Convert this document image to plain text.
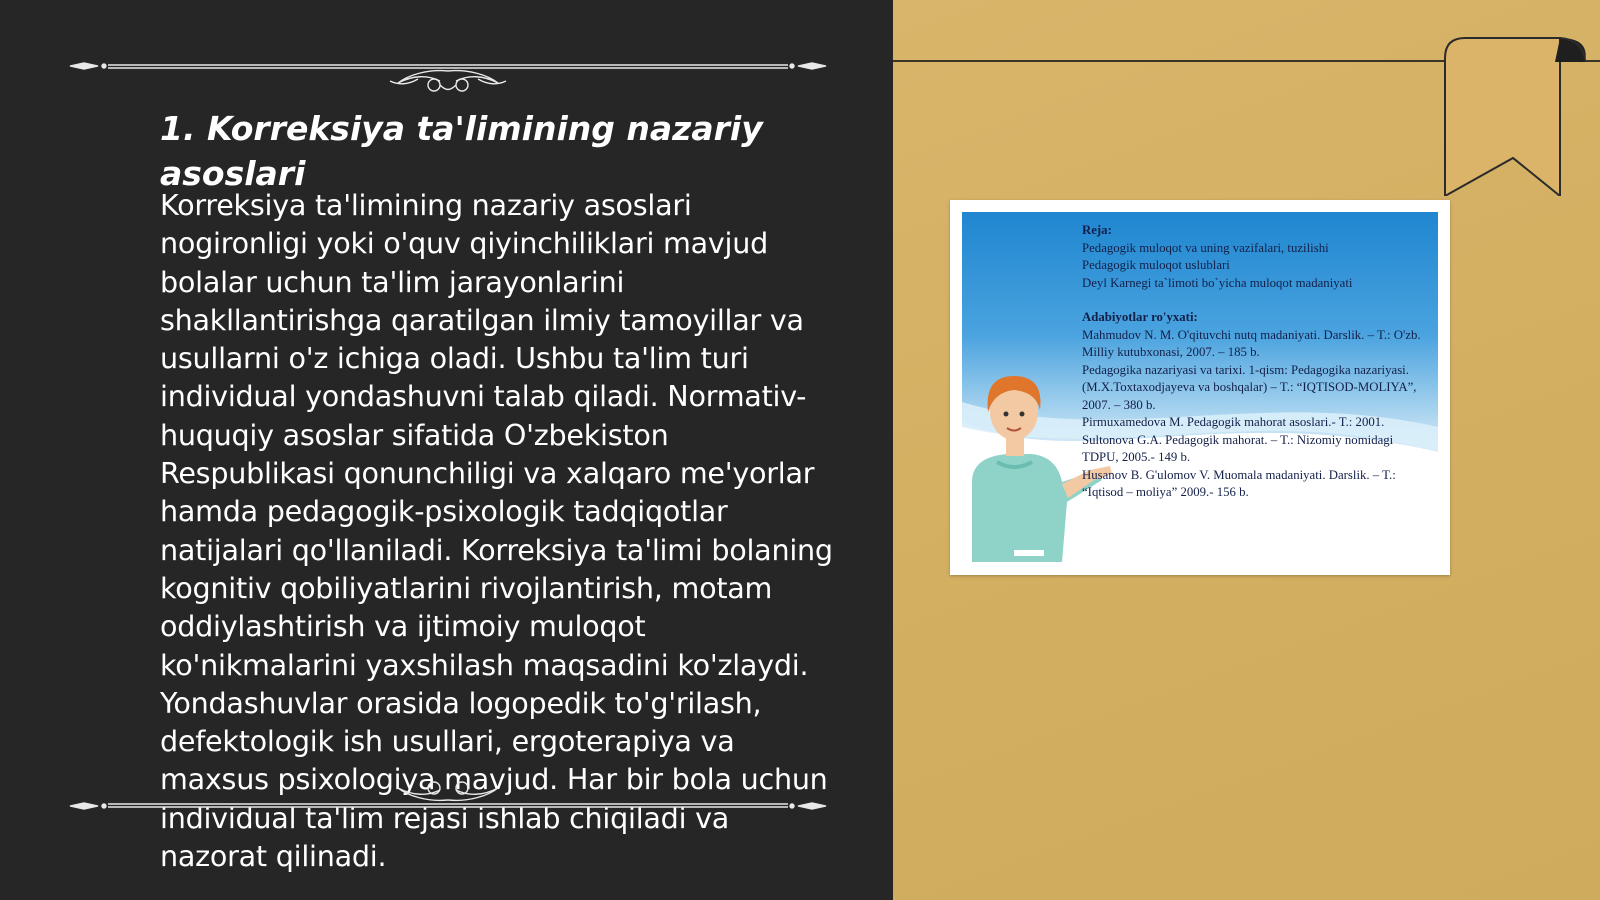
1. Korreksiya ta'limining nazariy asoslari

Korreksiya ta'limining nazariy asoslari nogironligi yoki o'quv qiyinchiliklari mavjud bolalar uchun ta'lim jarayonlarini shakllantirishga qaratilgan ilmiy tamoyillar va usullarni o'z ichiga oladi. Ushbu ta'lim turi individual yondashuvni talab qiladi. Normativ-huquqiy asoslar sifatida O'zbekiston Respublikasi qonunchiligi va xalqaro me'yorlar hamda pedagogik-psixologik tadqiqotlar natijalari qo'llaniladi. Korreksiya ta'limi bolaning kognitiv qobiliyatlarini rivojlantirish, motam oddiylashtirish va ijtimoiy muloqot ko'nikmalarini yaxshilash maqsadini ko'zlaydi. Yondashuvlar orasida logopedik to'g'rilash, defektologik ish usullari, ergoterapiya va maxsus psixologiya mavjud. Har bir bola uchun individual ta'lim rejasi ishlab chiqiladi va nazorat qilinadi.

Reja:
Pedagogik muloqot va uning vazifalari, tuzilishi
Pedagogik muloqot uslublari
Deyl Karnegi ta`limoti bo`yicha muloqot madaniyati
Adabiyotlar ro'yxati:
Mahmudov N. M. O'qituvchi nutq madaniyati. Darslik. – T.: O'zb. Milliy kutubxonasi, 2007. – 185 b.
Pedagogika nazariyasi va tarixi. 1-qism: Pedagogika nazariyasi. (M.X.Toxtaxodjayeva va boshqalar) – T.: “IQTISOD-MOLIYA”, 2007. – 380 b.
Pirmuxamedova M. Pedagogik mahorat asoslari.- T.: 2001.
Sultonova G.A. Pedagogik mahorat. – T.: Nizomiy nomidagi TDPU, 2005.- 149 b.
Husanov B. G'ulomov V. Muomala madaniyati. Darslik. – T.: “Iqtisod – moliya” 2009.- 156 b.
